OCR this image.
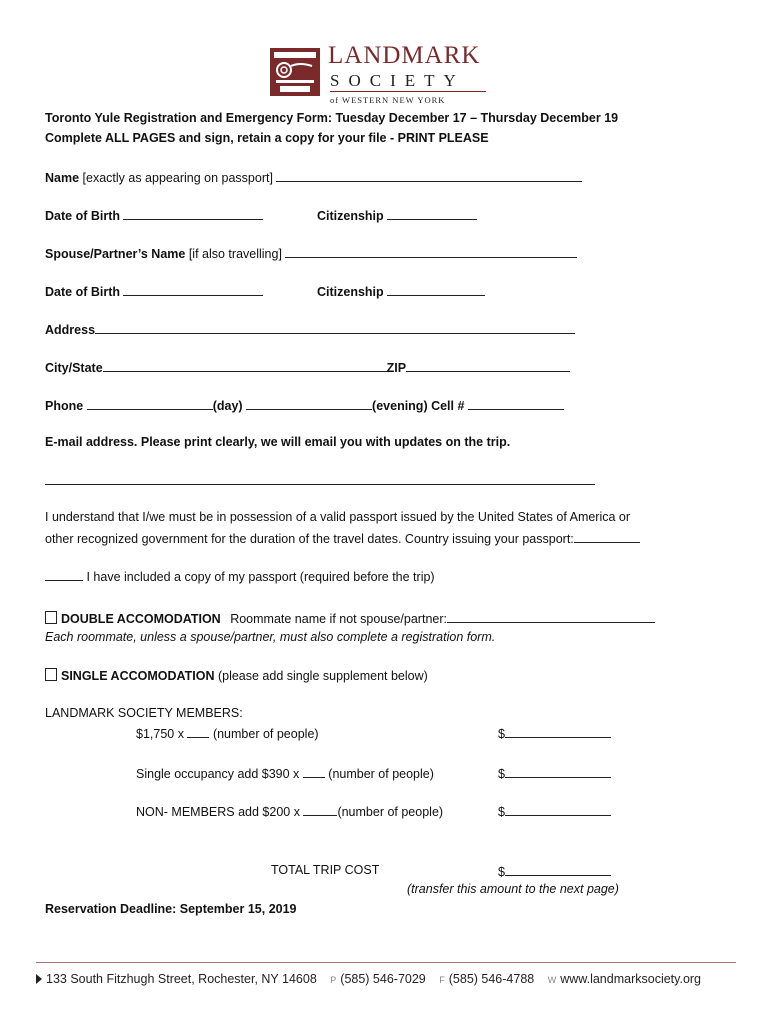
LANDMARK
SOCIETY
of WESTERN NEW YORK
Toronto Yule Registration and Emergency Form: Tuesday December 17 – Thursday December 19
Complete ALL PAGES and sign, retain a copy for your file - PRINT PLEASE
Name [exactly as appearing on passport]
Date of Birth	Citizenship
Spouse/Partner’s Name [if also travelling]
Date of Birth	Citizenship
Address
City/State	ZIP
Phone	(day)	(evening) Cell #
E-mail address. Please print clearly, we will email you with updates on the trip.
I understand that I/we must be in possession of a valid passport issued by the United States of America or
other recognized government for the duration of the travel dates. Country issuing your passport:
I have included a copy of my passport (required before the trip)
DOUBLE ACCOMODATION Roommate name if not spouse/partner:
Each roommate, unless a spouse/partner, must also complete a registration form.
SINGLE ACCOMODATION (please add single supplement below)
LANDMARK SOCIETY MEMBERS:
$1,750 x (number of people)	$
Single occupancy add $390 x (number of people)	$
NON- MEMBERS add $200 x	(number of people)	$
TOTAL TRIP COST	$
(transfer this amount to the next page)
Reservation Deadline: September 15, 2019
133 South Fitzhugh Street, Rochester, NY 14608 P (585) 546-7029 F (585) 546-4788 W www.landmarksociety.org
